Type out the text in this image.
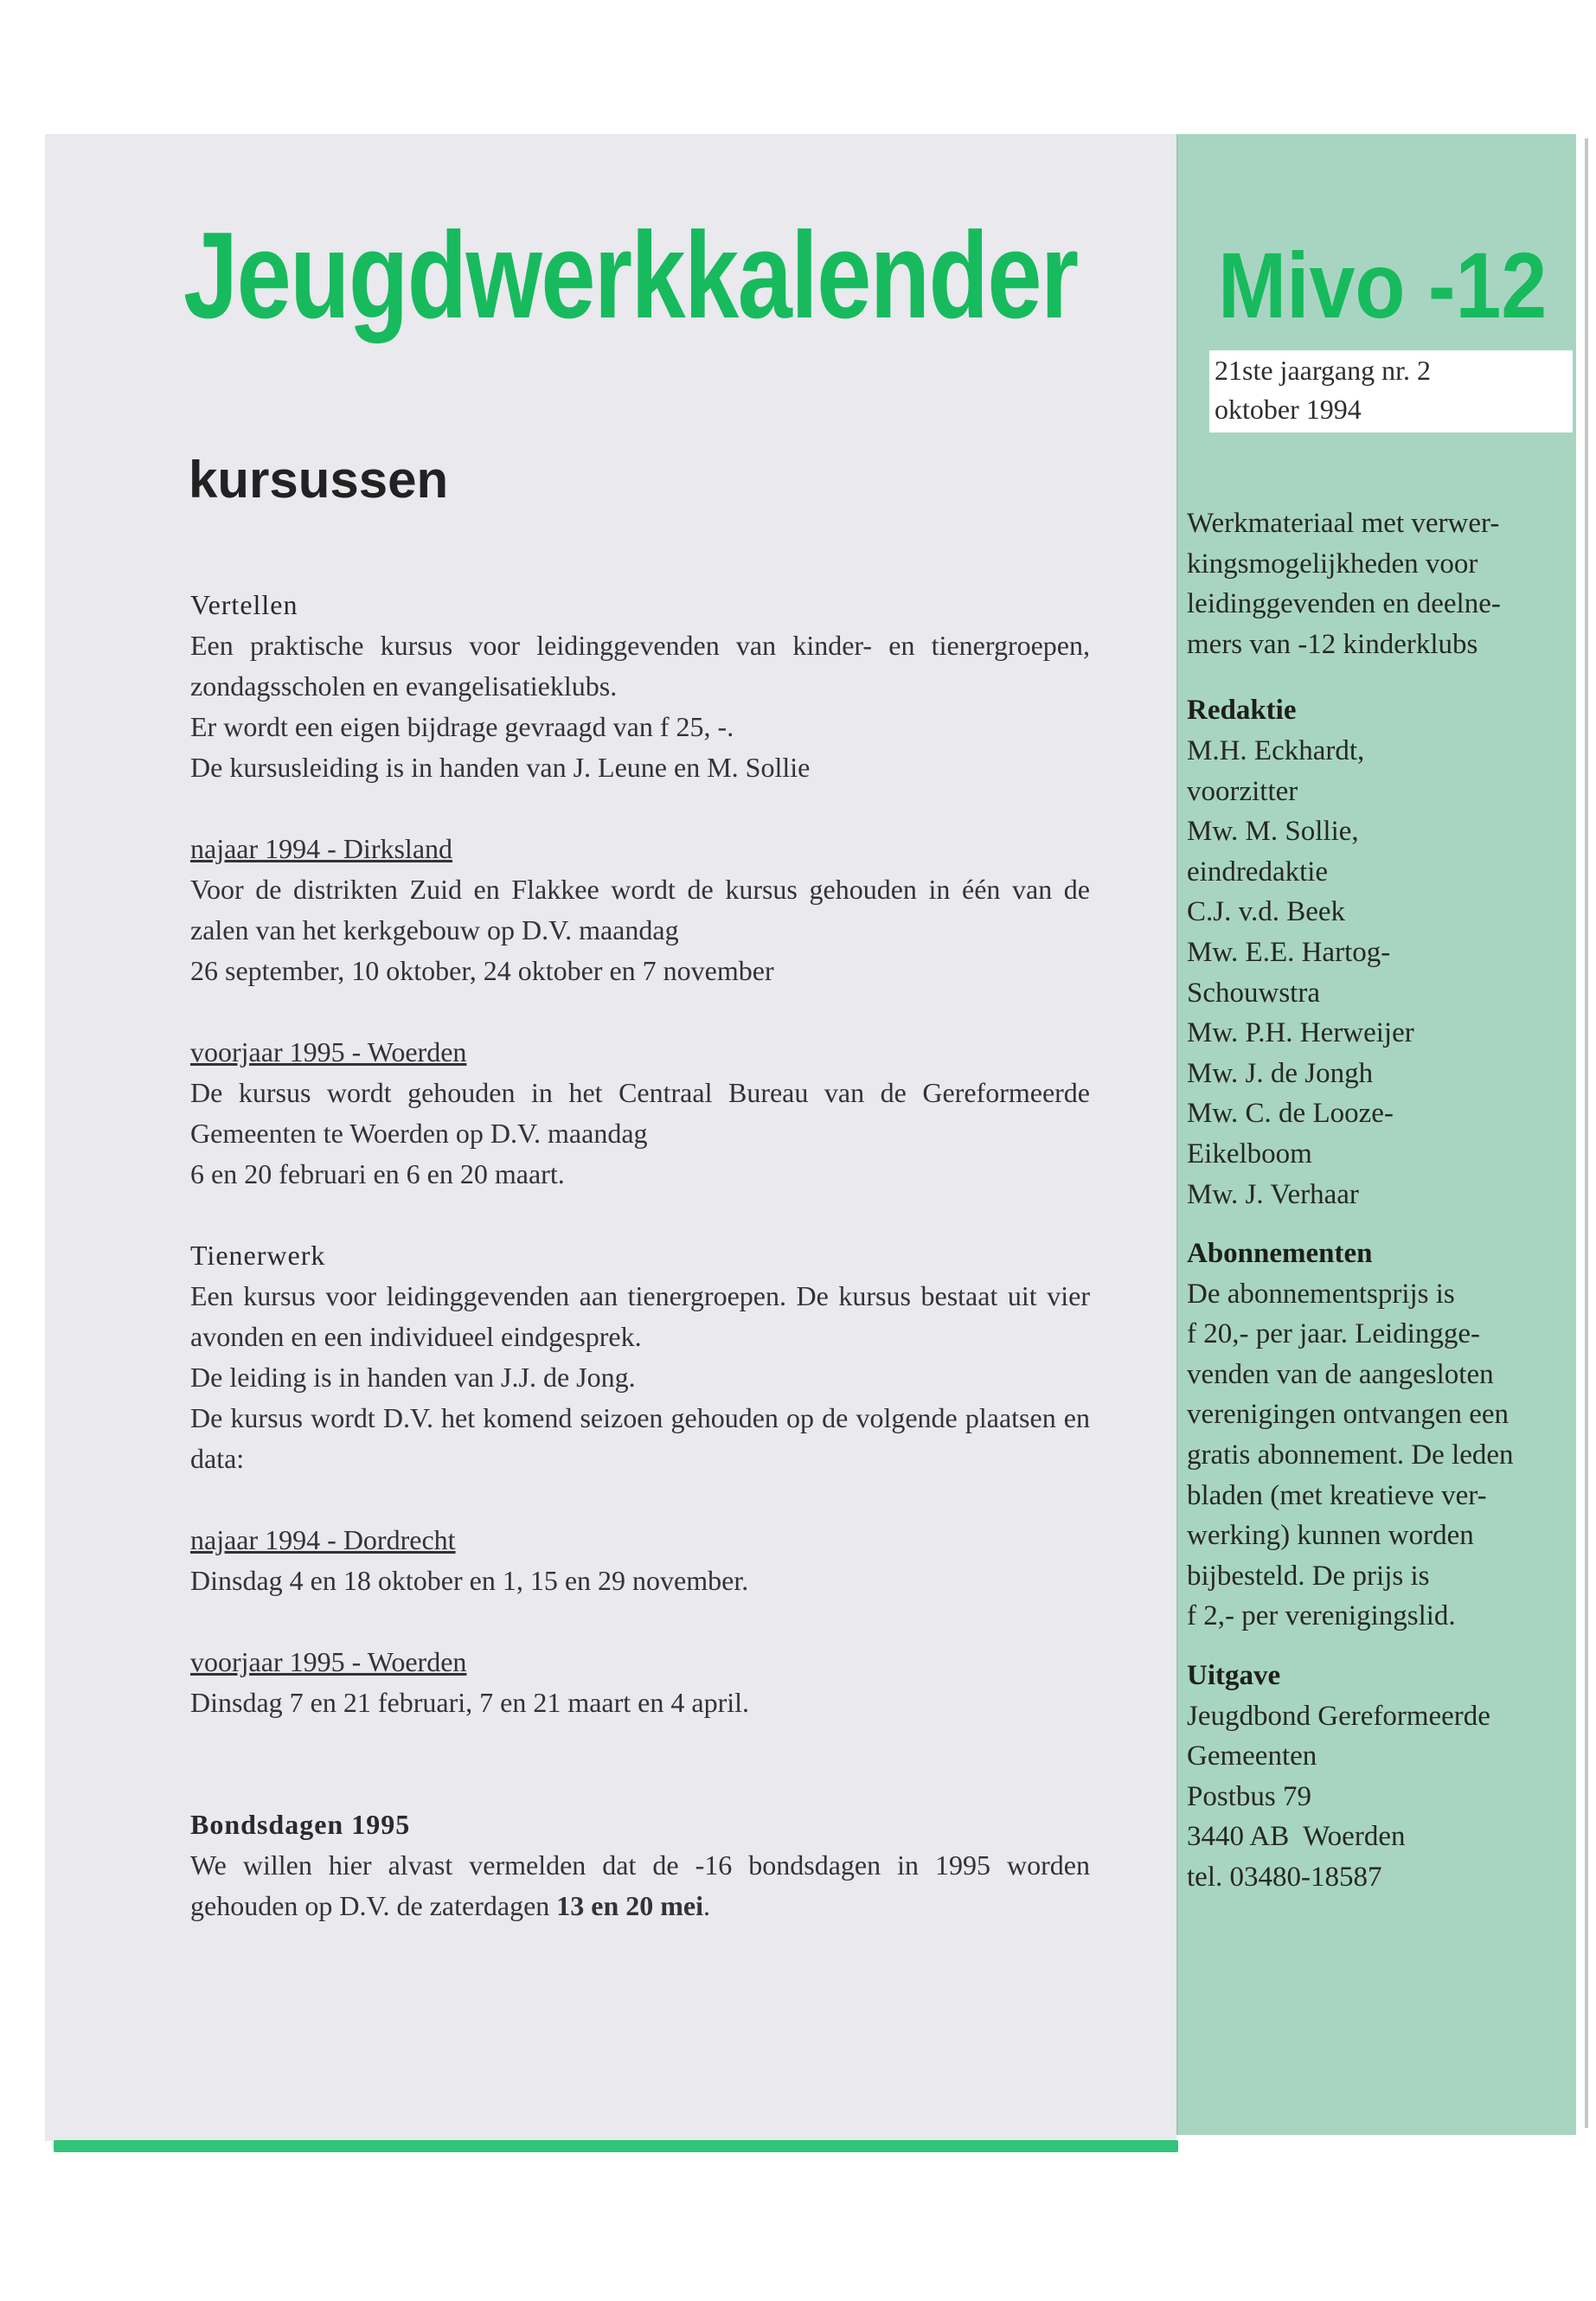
Jeugdwerkkalender Mivo -12
21ste jaargang nr. 2
oktober 1994
kursussen

Vertellen

Een praktische kursus voor leidinggevenden van kinder- en tienergroepen, zondagsscholen en evangelisatieklubs.

Er wordt een eigen bijdrage gevraagd van f 25, -.

De kursusleiding is in handen van J. Leune en M. Sollie

najaar 1994 - Dirksland

Voor de distrikten Zuid en Flakkee wordt de kursus gehouden in één van de zalen van het kerkgebouw op D.V. maandag

26 september, 10 oktober, 24 oktober en 7 november

voorjaar 1995 - Woerden

De kursus wordt gehouden in het Centraal Bureau van de Gereformeerde Gemeenten te Woerden op D.V. maandag

6 en 20 februari en 6 en 20 maart.

Tienerwerk

Een kursus voor leidinggevenden aan tienergroepen. De kursus bestaat uit vier avonden en een individueel eindgesprek.

De leiding is in handen van J.J. de Jong.

De kursus wordt D.V. het komend seizoen gehouden op de volgende plaatsen en data:

najaar 1994 - Dordrecht

Dinsdag 4 en 18 oktober en 1, 15 en 29 november.

voorjaar 1995 - Woerden

Dinsdag 7 en 21 februari, 7 en 21 maart en 4 april.

Bondsdagen 1995

We willen hier alvast vermelden dat de -16 bondsdagen in 1995 worden gehouden op D.V. de zaterdagen 13 en 20 mei.

Werkmateriaal met verwer-

kingsmogelijkheden voor

leidinggevenden en deelne-

mers van -12 kinderklubs

Redaktie

M.H. Eckhardt,

voorzitter

Mw. M. Sollie,

eindredaktie

C.J. v.d. Beek

Mw. E.E. Hartog-

Schouwstra

Mw. P.H. Herweijer

Mw. J. de Jongh

Mw. C. de Looze-

Eikelboom

Mw. J. Verhaar

Abonnementen

De abonnementsprijs is

f 20,- per jaar. Leidingge-

venden van de aangesloten

verenigingen ontvangen een

gratis abonnement. De leden

bladen (met kreatieve ver-

werking) kunnen worden

bijbesteld. De prijs is

f 2,- per verenigingslid.

Uitgave

Jeugdbond Gereformeerde

Gemeenten

Postbus 79

3440 AB  Woerden

tel. 03480-18587
